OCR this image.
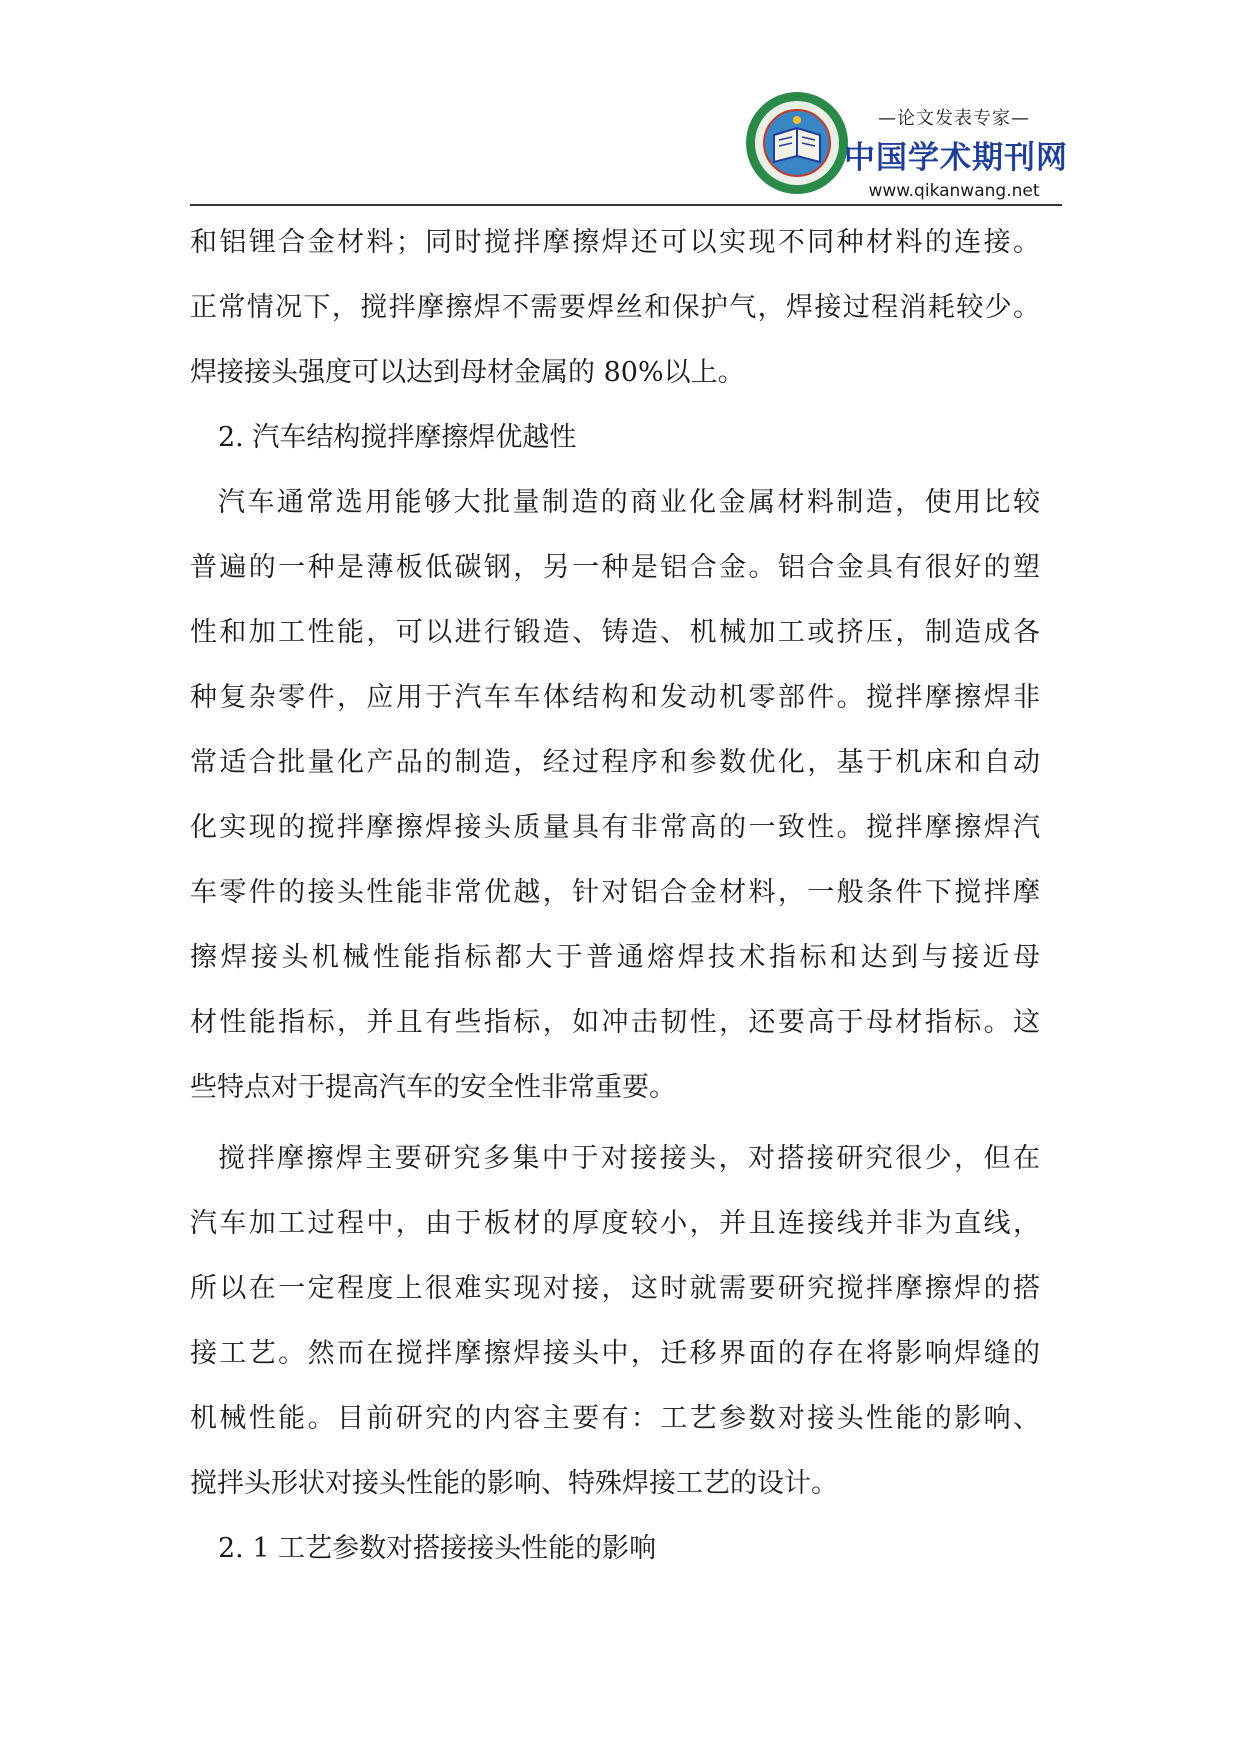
—论文发表专家—
中国学术期刊网
www.qikanwang.net
和铝锂合金材料；同时搅拌摩擦焊还可以实现不同种材料的连接。
正常情况下，搅拌摩擦焊不需要焊丝和保护气，焊接过程消耗较少。
焊接接头强度可以达到母材金属的 80%以上。
2. 汽车结构搅拌摩擦焊优越性
汽车通常选用能够大批量制造的商业化金属材料制造，使用比较
普遍的一种是薄板低碳钢，另一种是铝合金。铝合金具有很好的塑
性和加工性能，可以进行锻造、铸造、机械加工或挤压，制造成各
种复杂零件，应用于汽车车体结构和发动机零部件。搅拌摩擦焊非
常适合批量化产品的制造，经过程序和参数优化，基于机床和自动
化实现的搅拌摩擦焊接头质量具有非常高的一致性。搅拌摩擦焊汽
车零件的接头性能非常优越，针对铝合金材料，一般条件下搅拌摩
擦焊接头机械性能指标都大于普通熔焊技术指标和达到与接近母
材性能指标，并且有些指标，如冲击韧性，还要高于母材指标。这
些特点对于提高汽车的安全性非常重要。
搅拌摩擦焊主要研究多集中于对接接头，对搭接研究很少，但在
汽车加工过程中，由于板材的厚度较小，并且连接线并非为直线，
所以在一定程度上很难实现对接，这时就需要研究搅拌摩擦焊的搭
接工艺。然而在搅拌摩擦焊接头中，迁移界面的存在将影响焊缝的
机械性能。目前研究的内容主要有：工艺参数对接头性能的影响、
搅拌头形状对接头性能的影响、特殊焊接工艺的设计。
2. 1 工艺参数对搭接接头性能的影响
